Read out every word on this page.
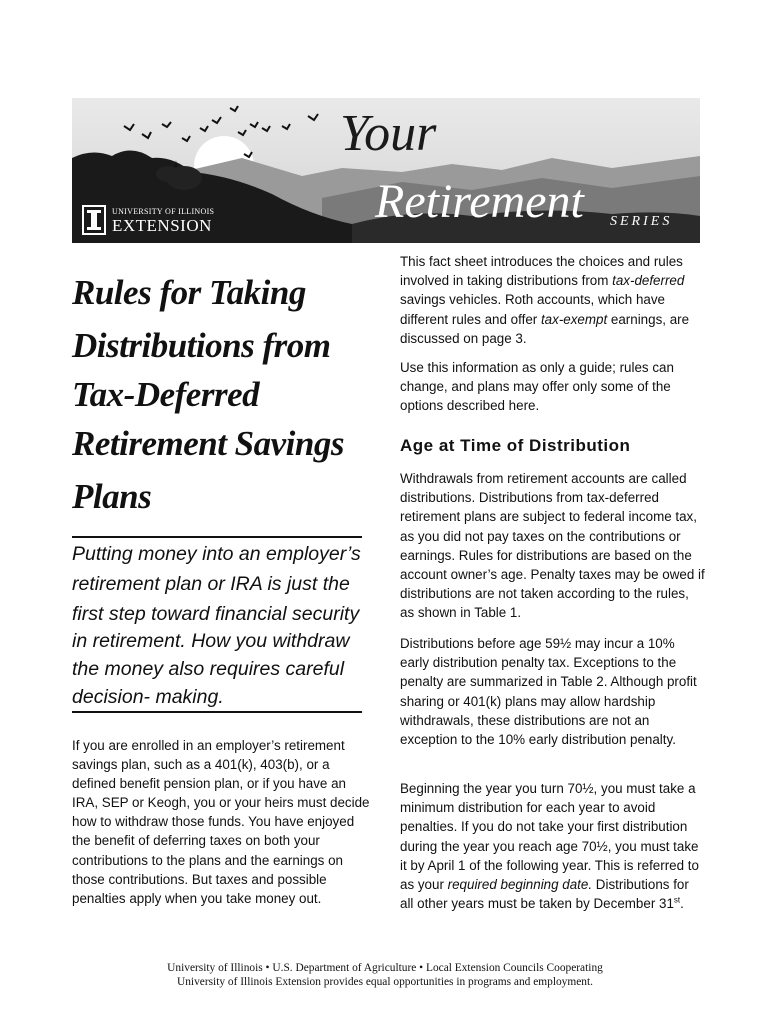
Your
Retirement SERIES
UNIVERSITY OF ILLINOIS
EXTENSION
Rules for Taking
Distributions from
Tax-Deferred
Retirement Savings
Plans
Putting money into an employer’s
retirement plan or IRA is just the
first step toward financial security
in retirement. How you withdraw
the money also requires careful
decision- making.

If you are enrolled in an employer’s retirement savings plan, such as a 401(k), 403(b), or a defined benefit pension plan, or if you have an IRA, SEP or Keogh, you or your heirs must decide how to withdraw those funds. You have enjoyed the benefit of deferring taxes on both your contributions to the plans and the earnings on those contributions. But taxes and possible penalties apply when you take money out.

This fact sheet introduces the choices and rules involved in taking distributions from tax-deferred savings vehicles. Roth accounts, which have different rules and offer tax-exempt earnings, are discussed on page 3.

Use this information as only a guide; rules can change, and plans may offer only some of the options described here.

Age at Time of Distribution

Withdrawals from retirement accounts are called distributions. Distributions from tax-deferred retirement plans are subject to federal income tax, as you did not pay taxes on the contributions or earnings. Rules for distributions are based on the account owner’s age. Penalty taxes may be owed if distributions are not taken according to the rules, as shown in Table 1.

Distributions before age 59½ may incur a 10% early distribution penalty tax. Exceptions to the penalty are summarized in Table 2. Although profit sharing or 401(k) plans may allow hardship withdrawals, these distributions are not an exception to the 10% early distribution penalty.

Beginning the year you turn 70½, you must take a minimum distribution for each year to avoid penalties. If you do not take your first distribution during the year you reach age 70½, you must take it by April 1 of the following year. This is referred to as your required beginning date. Distributions for all other years must be taken by December 31st.

University of Illinois • U.S. Department of Agriculture • Local Extension Councils Cooperating
University of Illinois Extension provides equal opportunities in programs and employment.
